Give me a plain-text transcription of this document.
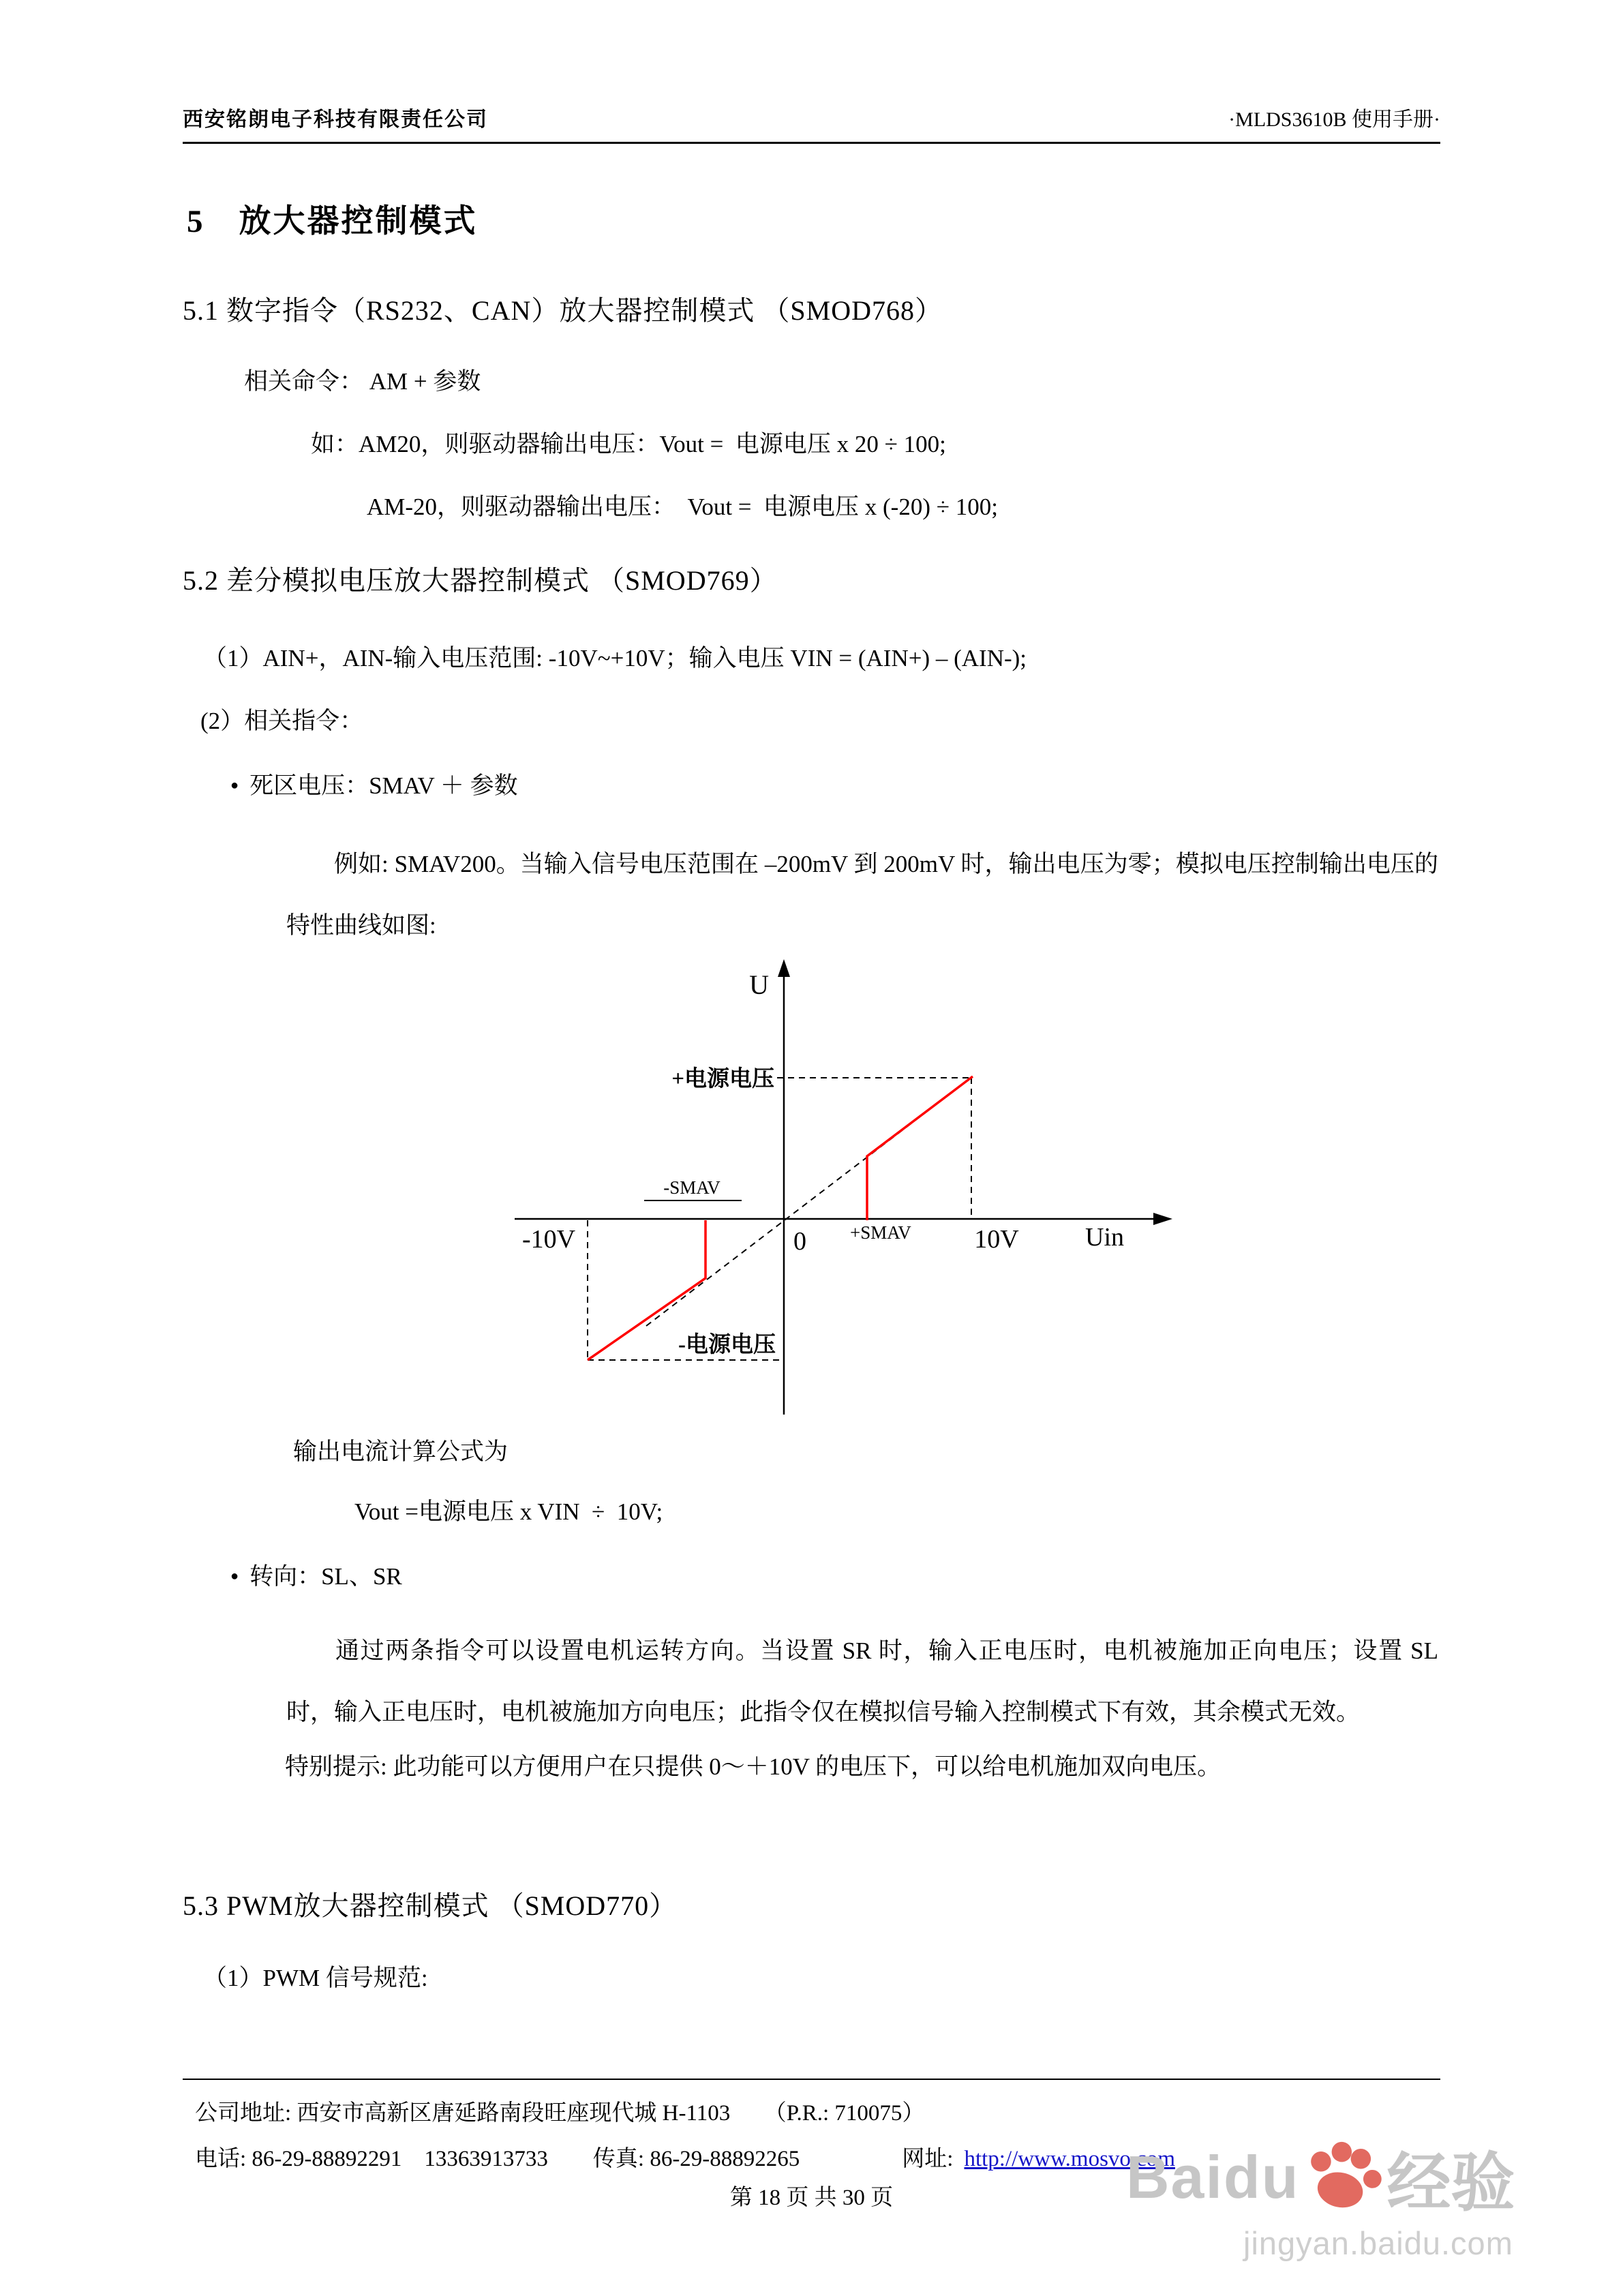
西安铭朗电子科技有限责任公司	·MLDS3610B 使用手册·
5　放大器控制模式
5.1 数字指令（RS232、CAN）放大器控制模式 （SMOD768）

相关命令： AM + 参数

如：AM20，则驱动器输出电压：Vout =  电源电压 x 20 ÷ 100;

AM-20，则驱动器输出电压：  Vout =  电源电压 x (-20) ÷ 100;

5.2 差分模拟电压放大器控制模式 （SMOD769）

（1）AIN+，AIN-输入电压范围: -10V~+10V；输入电压 VIN = (AIN+) – (AIN-);

(2）相关指令：

● 死区电压：SMAV ＋ 参数

例如: SMAV200。当输入信号电压范围在 –200mV 到 200mV 时，输出电压为零；模拟电压控制输出电压的特性曲线如图:

U
Uin
0
-10V	10V
-SMAV
+SMAV
+电源电压
-电源电压

输出电流计算公式为

Vout =电源电压 x VIN  ÷  10V;

● 转向：SL、SR

通过两条指令可以设置电机运转方向。当设置 SR 时，输入正电压时，电机被施加正向电压；设置 SL 时，输入正电压时，电机被施加方向电压；此指令仅在模拟信号输入控制模式下有效，其余模式无效。

特别提示: 此功能可以方便用户在只提供 0～＋10V 的电压下，可以给电机施加双向电压。

5.3 PWM放大器控制模式 （SMOD770）

（1）PWM 信号规范:

公司地址: 西安市高新区唐延路南段旺座现代城 H-1103　　（P.R.: 710075）

电话: 86-29-88892291　13363913733　　传真: 86-29-88892265	网址: http://www.mosvo.com

第 18 页 共 30 页	Baidu 经验
jingyan.baidu.com
